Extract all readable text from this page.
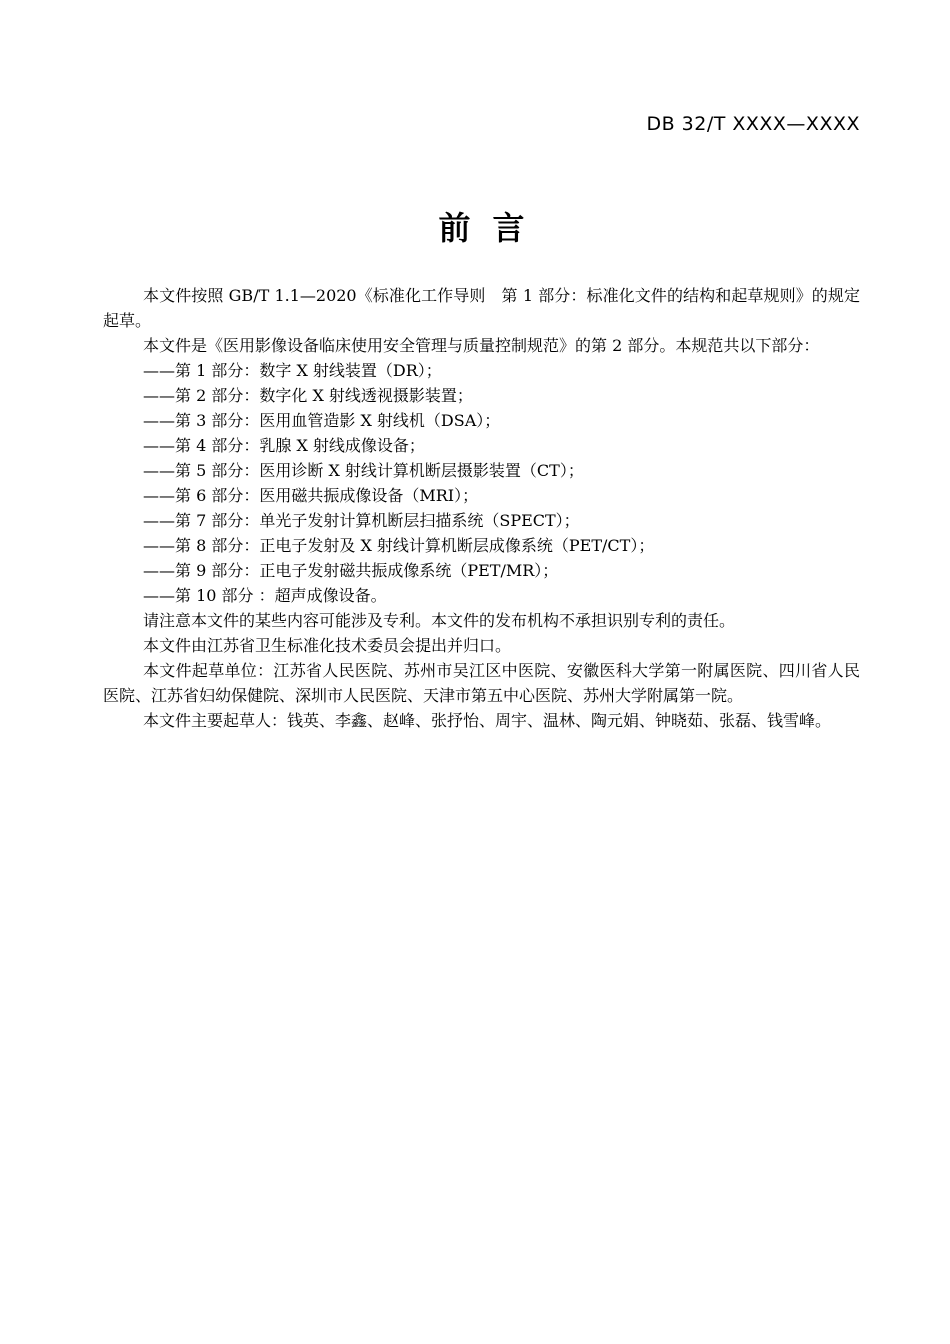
DB 32/T XXXX—XXXX
前 言

本文件按照 GB/T 1.1—2020《标准化工作导则　第 1 部分：标准化文件的结构和起草规则》的规定起草。

本文件是《医用影像设备临床使用安全管理与质量控制规范》的第 2 部分。本规范共以下部分：

——第 1 部分：数字 X 射线装置（DR）；

——第 2 部分：数字化 X 射线透视摄影装置；

——第 3 部分：医用血管造影 X 射线机（DSA）；

——第 4 部分：乳腺 X 射线成像设备；

——第 5 部分：医用诊断 X 射线计算机断层摄影装置（CT）；

——第 6 部分：医用磁共振成像设备（MRI）；

——第 7 部分：单光子发射计算机断层扫描系统（SPECT）；

——第 8 部分：正电子发射及 X 射线计算机断层成像系统（PET/CT）；

——第 9 部分：正电子发射磁共振成像系统（PET/MR）；

——第 10 部分 ：超声成像设备。

请注意本文件的某些内容可能涉及专利。本文件的发布机构不承担识别专利的责任。

本文件由江苏省卫生标准化技术委员会提出并归口。

本文件起草单位：江苏省人民医院、苏州市吴江区中医院、安徽医科大学第一附属医院、四川省人民医院、江苏省妇幼保健院、深圳市人民医院、天津市第五中心医院、苏州大学附属第一院。

本文件主要起草人：钱英、李鑫、赵峰、张抒怡、周宇、温林、陶元娟、钟晓茹、张磊、钱雪峰。
